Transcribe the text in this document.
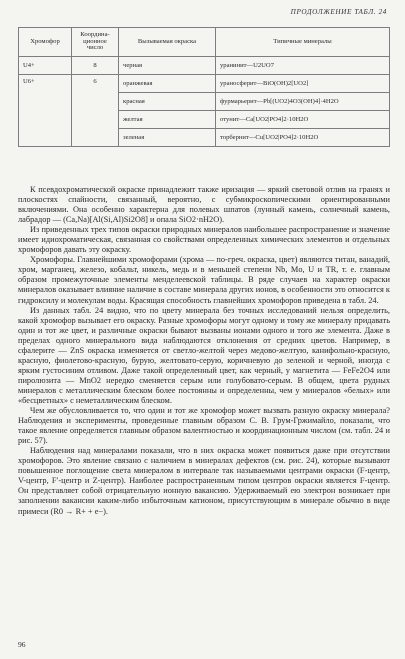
ПРОДОЛЖЕНИЕ ТАБЛ. 24
Хромофор	Координа-ционное число	Вызываемая окраска	Типичные минералы
U4+	8	черная	уранинит—U2UO7
U6+	6	оранжевая	ураносферит—BiO(OH)2[UO2]
		красная	фурмарьерит—Pb[(UO2)4O3(OH)4]·4H2O
		желтая	отунит—Ca[UO2|PO4]2·10H2O
		зеленая	торбернит—Cu[UO2|PO4]2·10H2O

К псевдохроматической окраске принадлежит также иризация — яркий световой отлив на гранях и плоскостях спайности, связанный, вероятно, с субмикроскопическими ориентированными включениями. Она особенно характерна для полевых шпатов (лунный камень, солнечный камень, лабрадор — (Ca,Na)[Al(Si,Al)Si2O8] и опала SiO2·nH2O).

Из приведенных трех типов окраски природных минералов наибольшее распространение и значение имеет идиохроматическая, связанная со свойствами определенных химических элементов и отдельных хромофоров давать эту окраску.

Хромофоры. Главнейшими хромофорами (хрома — по-греч. окраска, цвет) являются титан, ванадий, хром, марганец, железо, кобальт, никель, медь и в меньшей степени Nb, Mo, U и TR, т. е. главным образом промежуточные элементы менделеевской таблицы. В ряде случаев на характер окраски минералов оказывает влияние наличие в составе минерала других ионов, в особенности это относится к гидроксилу и молекулам воды. Красящая способность главнейших хромофоров приведена в табл. 24.

Из данных табл. 24 видно, что по цвету минерала без точных исследований нельзя определить, какой хромофор вызывает его окраску. Разные хромофоры могут одному и тому же минералу придавать один и тот же цвет, и различные окраски бывают вызваны ионами одного и того же элемента. Даже в пределах одного минерального вида наблюдаются отклонения от средних цветов. Например, в сфалерите — ZnS окраска изменяется от светло-желтой через медово-желтую, канифольно-красную, красную, фиолетово-красную, бурую, желтовато-серую, коричневую до зеленой и черной, иногда с ярким густосиним отливом. Даже такой определенный цвет, как черный, у магнетита — FeFe2O4 или пиролюзита — MnO2 нередко сменяется серым или голубовато-серым. В общем, цвета рудных минералов с металлическим блеском более постоянны и определенны, чем у минералов «белых» или «бесцветных» с неметаллическим блеском.

Чем же обусловливается то, что один и тот же хромофор может вызвать разную окраску минерала? Наблюдения и эксперименты, проведенные главным образом С. В. Грум-Гржимайло, показали, что такое явление определяется главным образом валентностью и координационным числом (см. табл. 24 и рис. 57).

Наблюдения над минералами показали, что в них окраска может появиться даже при отсутствии хромофоров. Это явление связано с наличием в минералах дефектов (см. рис. 24), которые вызывают повышенное поглощение света минералом в интервале так называемыми центрами окраски (F-центр, V-центр, F′-центр и Z-центр). Наиболее распространенным типом центров окраски является F-центр. Он представляет собой отрицательную ионную вакансию. Удерживаемый ею электрон возникает при заполнении вакансии каким-либо избыточным катионом, присутствующим в минерале обычно в виде примеси (R0 → R+ + e−).

96
